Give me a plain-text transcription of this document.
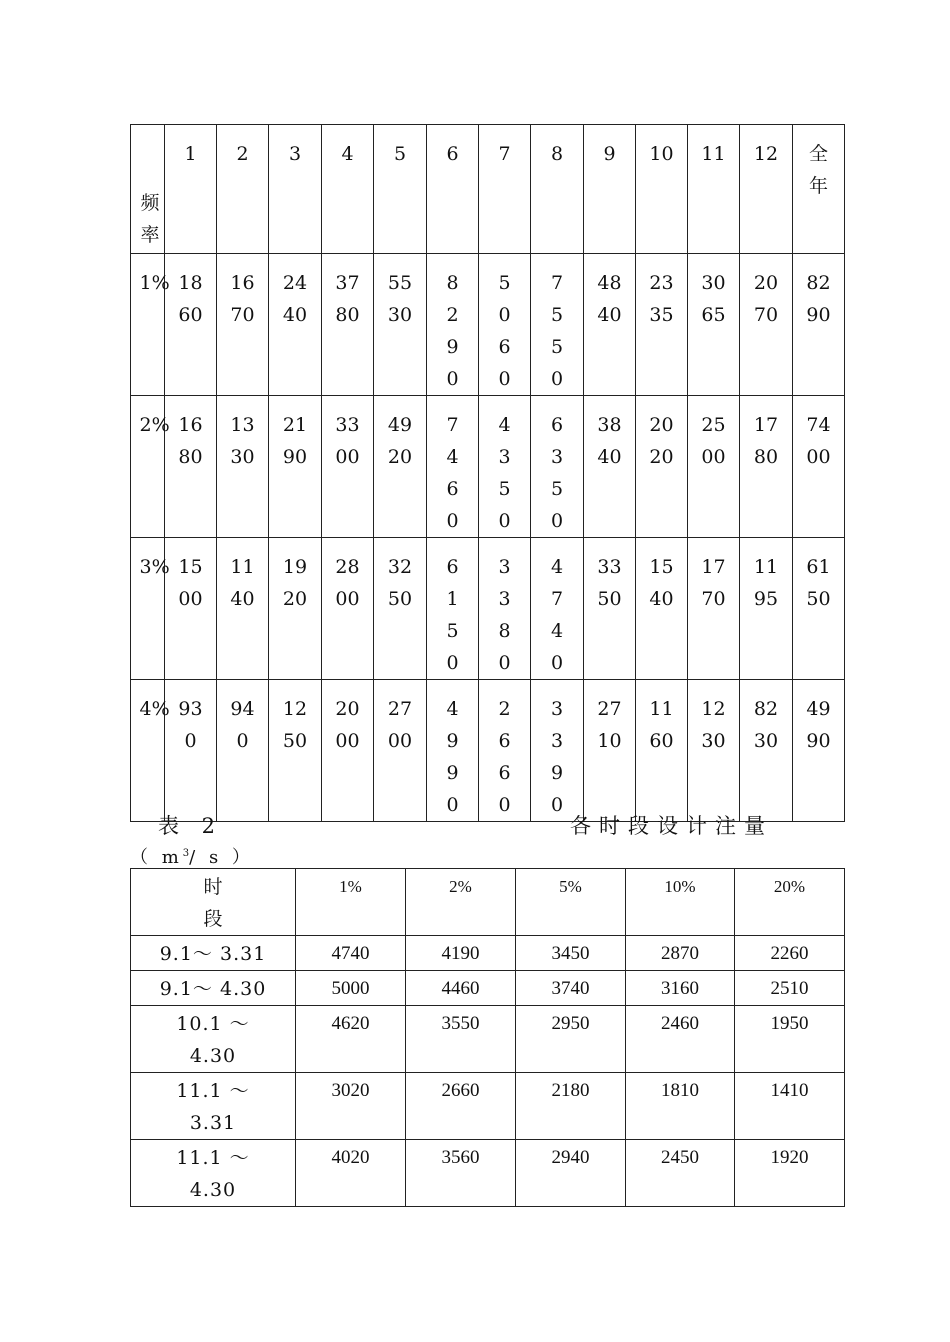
频率	1	2	3	4	5	6	7	8	9	10	11	12	全年

1%	1860	1670	2440	3780	5530	8290	5060	7550	4840	2335	3065	2070	8290

2%	1680	1330	2190	3300	4920	7460	4350	6350	3840	2020	2500	1780	7400

3%	1500	1140	1920	2800	3250	6150	3380	4740	3350	1540	1770	1195	6150

4%	930	940	1250	2000	2700	4990	2660	3390	2710	1160	1230	8230	4990
表 2	各时段设计注量
（ $m^3/$ s ）
时段	1%	2%	5%	10%	20%

9.1～ 3.31	4740	4190	3450	2870	2260

9.1～ 4.30	5000	4460	3740	3160	2510

10.1 ～ 4.30	4620	3550	2950	2460	1950

11.1 ～ 3.31	3020	2660	2180	1810	1410

11.1 ～ 4.30	4020	3560	2940	2450	1920
